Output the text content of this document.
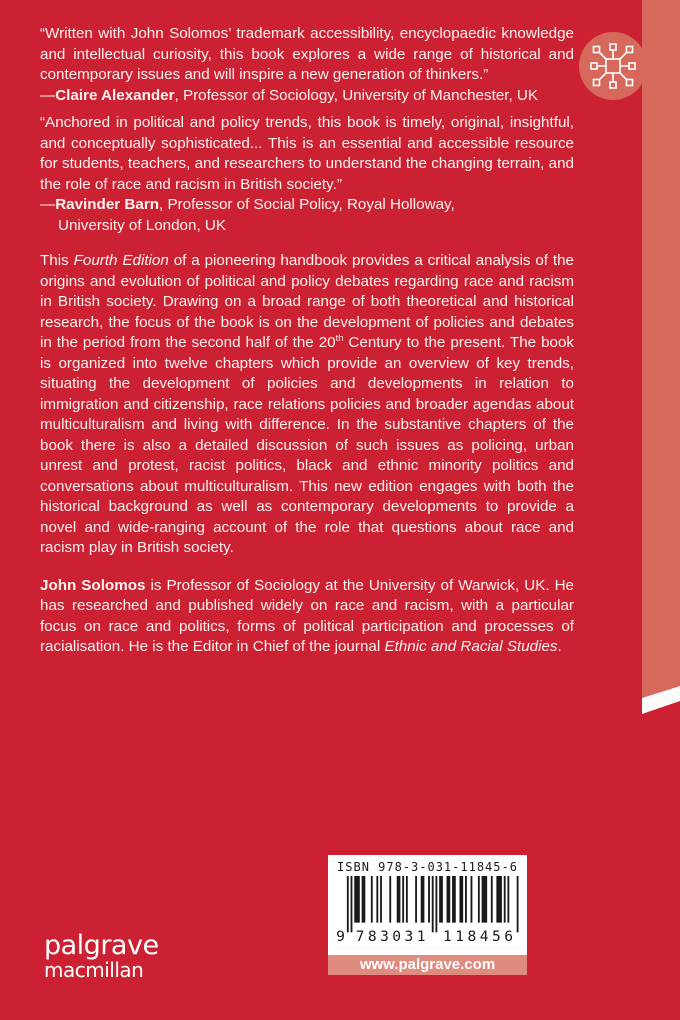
“Written with John Solomos’ trademark accessibility, encyclopaedic knowledge and intellectual curiosity, this book explores a wide range of historical and contemporary issues and will inspire a new generation of thinkers.”

—Claire Alexander, Professor of Sociology, University of Manchester, UK

“Anchored in political and policy trends, this book is timely, original, insightful, and conceptually sophisticated... This is an essential and accessible resource for students, teachers, and researchers to understand the changing terrain, and the role of race and racism in British society.”

—Ravinder Barn, Professor of Social Policy, Royal Holloway,

University of London, UK

This Fourth Edition of a pioneering handbook provides a critical analysis of the origins and evolution of political and policy debates regarding race and racism in British society. Drawing on a broad range of both theoretical and historical research, the focus of the book is on the development of policies and debates in the period from the second half of the 20th Century to the present. The book is organized into twelve chapters which provide an overview of key trends, situating the development of policies and developments in relation to immigration and citizenship, race relations policies and broader agendas about multiculturalism and living with difference. In the substantive chapters of the book there is also a detailed discussion of such issues as policing, urban unrest and protest, racist politics, black and ethnic minority politics and conversations about multiculturalism. This new edition engages with both the historical background as well as contemporary developments to provide a novel and wide-ranging account of the role that questions about race and racism play in British society.

John Solomos is Professor of Sociology at the University of Warwick, UK. He has researched and published widely on race and racism, with a particular focus on race and politics, forms of political participation and processes of racialisation. He is the Editor in Chief of the journal Ethnic and Racial Studies.

ISBN 978-3-031-11845-6
9 783031 118456
www.palgrave.com
palgrave
macmillan
